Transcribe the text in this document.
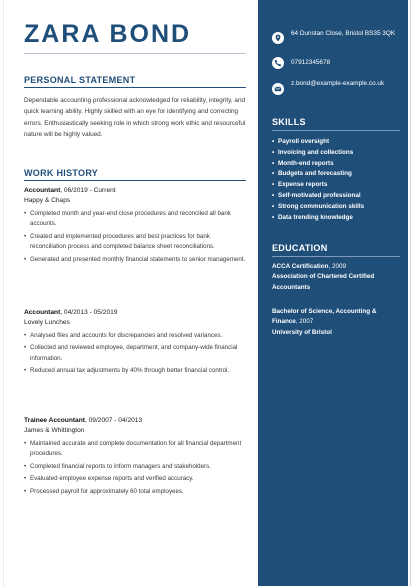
ZARA BOND
PERSONAL STATEMENT
Dependable accounting professional acknowledged for reliability, integrity, and quick learning ability. Highly skilled with an eye for identifying and correcting errors. Enthusiastically seeking role in which strong work ethic and resourceful nature will be highly valued.
WORK HISTORY
Accountant, 06/2019 - Current
Happy & Chaps
• Completed month and year-end close procedures and reconciled all bank accounts.
• Created and implemented procedures and best practices for bank reconciliation process and completed balance sheet reconciliations.
• Generated and presented monthly financial statements to senior management.
Accountant, 04/2013 - 05/2019
Lovely Lunches
• Analysed files and accounts for discrepancies and resolved variances.
• Collected and reviewed employee, department, and company-wide financial information.
• Reduced annual tax adjustments by 40% through better financial control.
Trainee Accountant, 09/2007 - 04/2013
James & Whittington
• Maintained accurate and complete documentation for all financial department procedures.
• Completed financial reports to inform managers and stakeholders.
• Evaluated employee expense reports and verified accuracy.
• Processed payroll for approximately 60 total employees.
64 Dunstan Close, Bristol BS35 3QK
07912345678
z.bond@example-example.co.uk
SKILLS
• Payroll oversight
• Invoicing and collections
• Month-end reports
• Budgets and forecasting
• Expense reports
• Self-motivated professional
• Strong communication skills
• Data trending knowledge
EDUCATION
ACCA Certification, 2009
Association of Chartered Certified Accountants
Bachelor of Science, Accounting & Finance, 2007
University of Bristol
